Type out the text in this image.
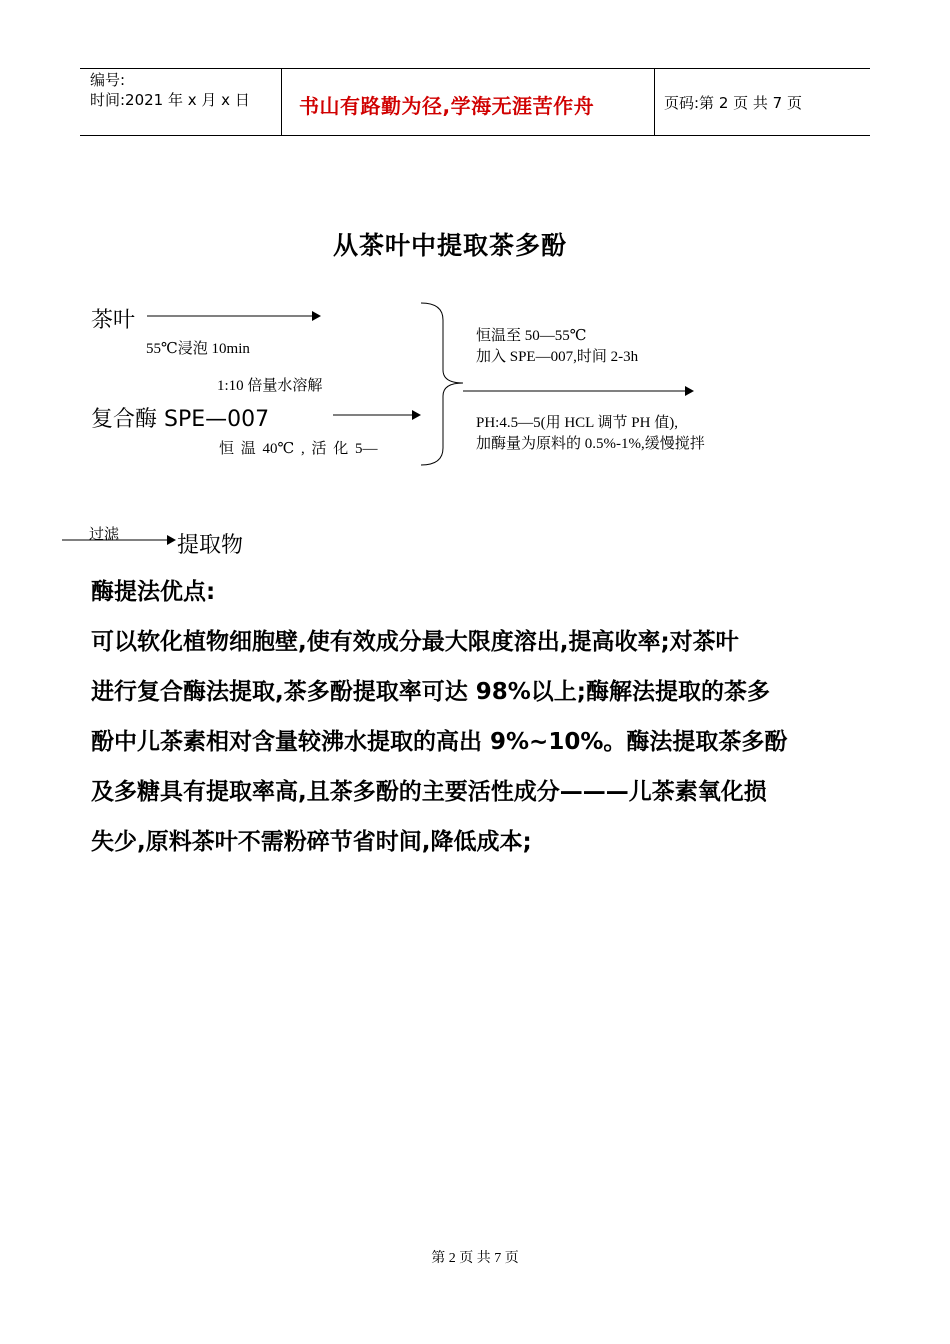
编号:
时间:2021 年 x 月 x 日 书山有路勤为径,学海无涯苦作舟	页码:第 2 页 共 7 页
从茶叶中提取茶多酚
茶叶
55℃浸泡 10min
1:10 倍量水溶解
复合酶 SPE—007
恒 温 40℃ , 活 化 5—
恒温至 50—55℃
加入 SPE—007,时间 2-3h
PH:4.5—5(用 HCL 调节 PH 值),
加酶量为原料的 0.5%-1%,缓慢搅拌
过滤	提取物
酶提法优点:
可以软化植物细胞壁,使有效成分最大限度溶出,提高收率;对茶叶
进行复合酶法提取,茶多酚提取率可达 98%以上;酶解法提取的茶多
酚中儿茶素相对含量较沸水提取的高出 9%~10%。酶法提取茶多酚
及多糖具有提取率高,且茶多酚的主要活性成分———儿茶素氧化损
失少,原料茶叶不需粉碎节省时间,降低成本;
第 2 页 共 7 页
